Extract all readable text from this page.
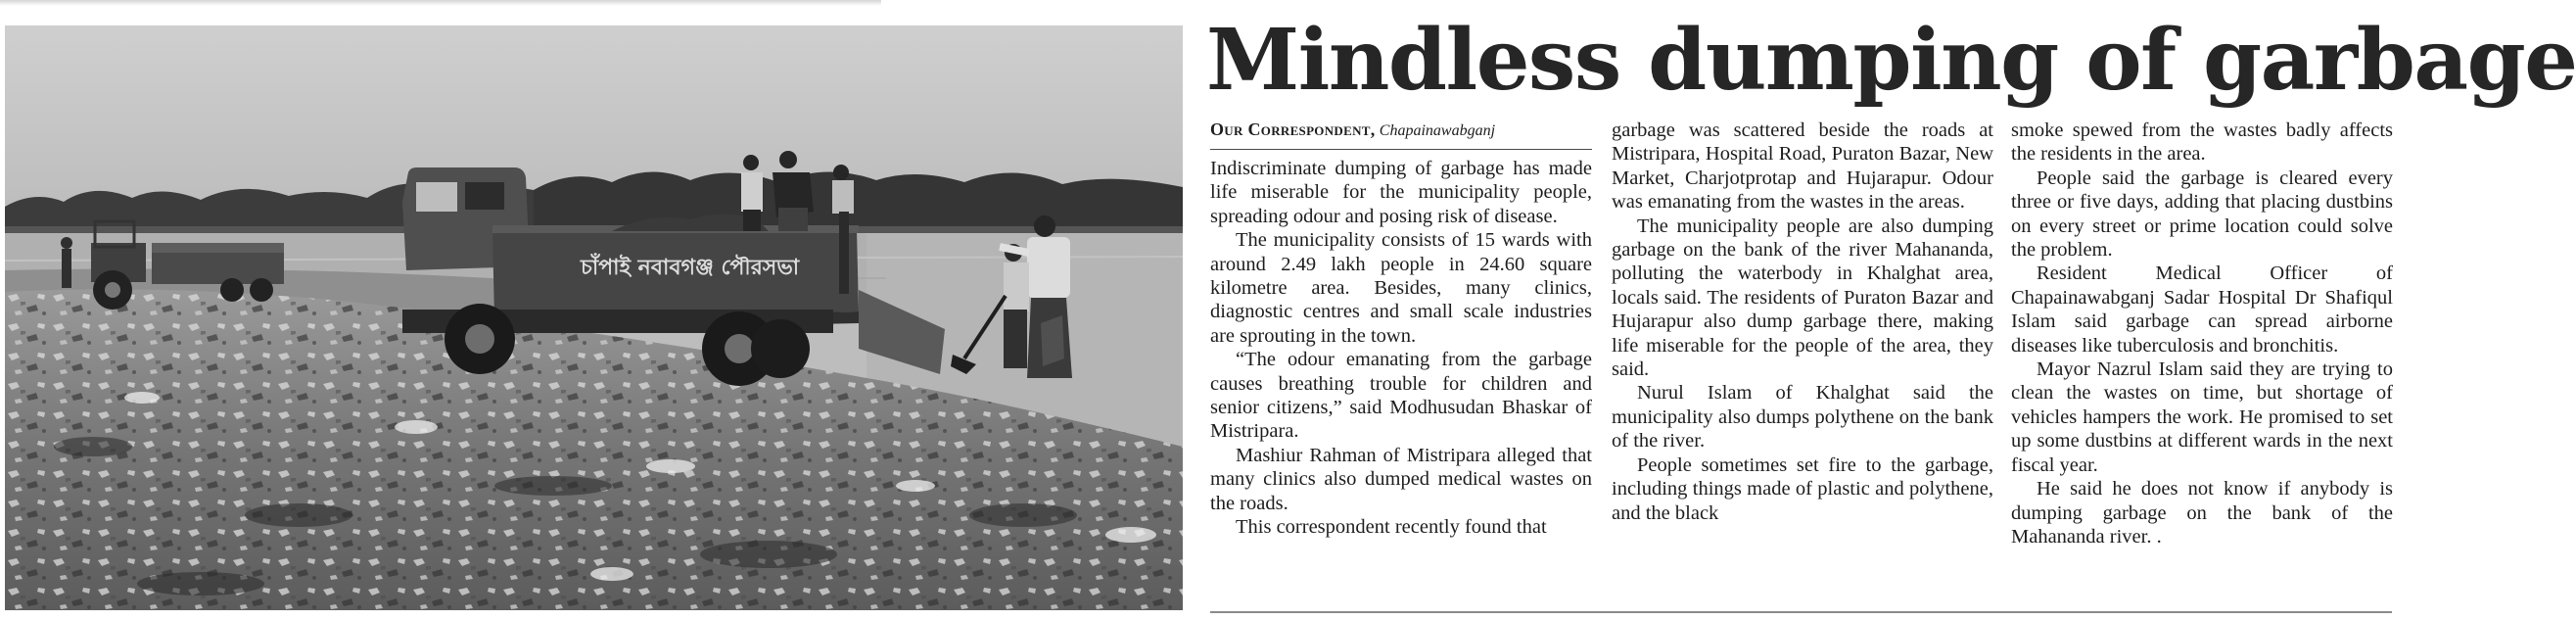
চাঁপাই নবাবগঞ্জ পৌরসভা
Mindless dumping of garbage
Our Correspondent, Chapainawabganj

Indiscriminate dumping of garbage has made life miserable for the municipality people, spreading odour and posing risk of disease.

The municipality consists of 15 wards with around 2.49 lakh people in 24.60 square kilometre area. Besides, many clinics, diagnostic centres and small scale industries are sprouting in the town.

“The odour emanating from the garbage causes breathing trouble for children and senior citizens,” said Modhusudan Bhaskar of Mistripara.

Mashiur Rahman of Mistripara alleged that many clinics also dumped medical wastes on the roads.

This correspondent recently found that

garbage was scattered beside the roads at Mistripara, Hospital Road, Puraton Bazar, New Market, Charjotprotap and Hujarapur. Odour was emanating from the wastes in the areas.

The municipality people are also dumping garbage on the bank of the river Mahananda, polluting the waterbody in Khalghat area, locals said. The residents of Puraton Bazar and Hujarapur also dump garbage there, making life miserable for the people of the area, they said.

Nurul Islam of Khalghat said the municipality also dumps polythene on the bank of the river.

People sometimes set fire to the garbage, including things made of plastic and polythene, and the black

smoke spewed from the wastes badly affects the residents in the area.

People said the garbage is cleared every three or five days, adding that placing dustbins on every street or prime location could solve the problem.

Resident Medical Officer of Chapainawabganj Sadar Hospital Dr Shafiqul Islam said garbage can spread airborne diseases like tuberculosis and bronchitis.

Mayor Nazrul Islam said they are trying to clean the wastes on time, but shortage of vehicles hampers the work. He promised to set up some dustbins at different wards in the next fiscal year.

He said he does not know if anybody is dumping garbage on the bank of the Mahananda river. .
